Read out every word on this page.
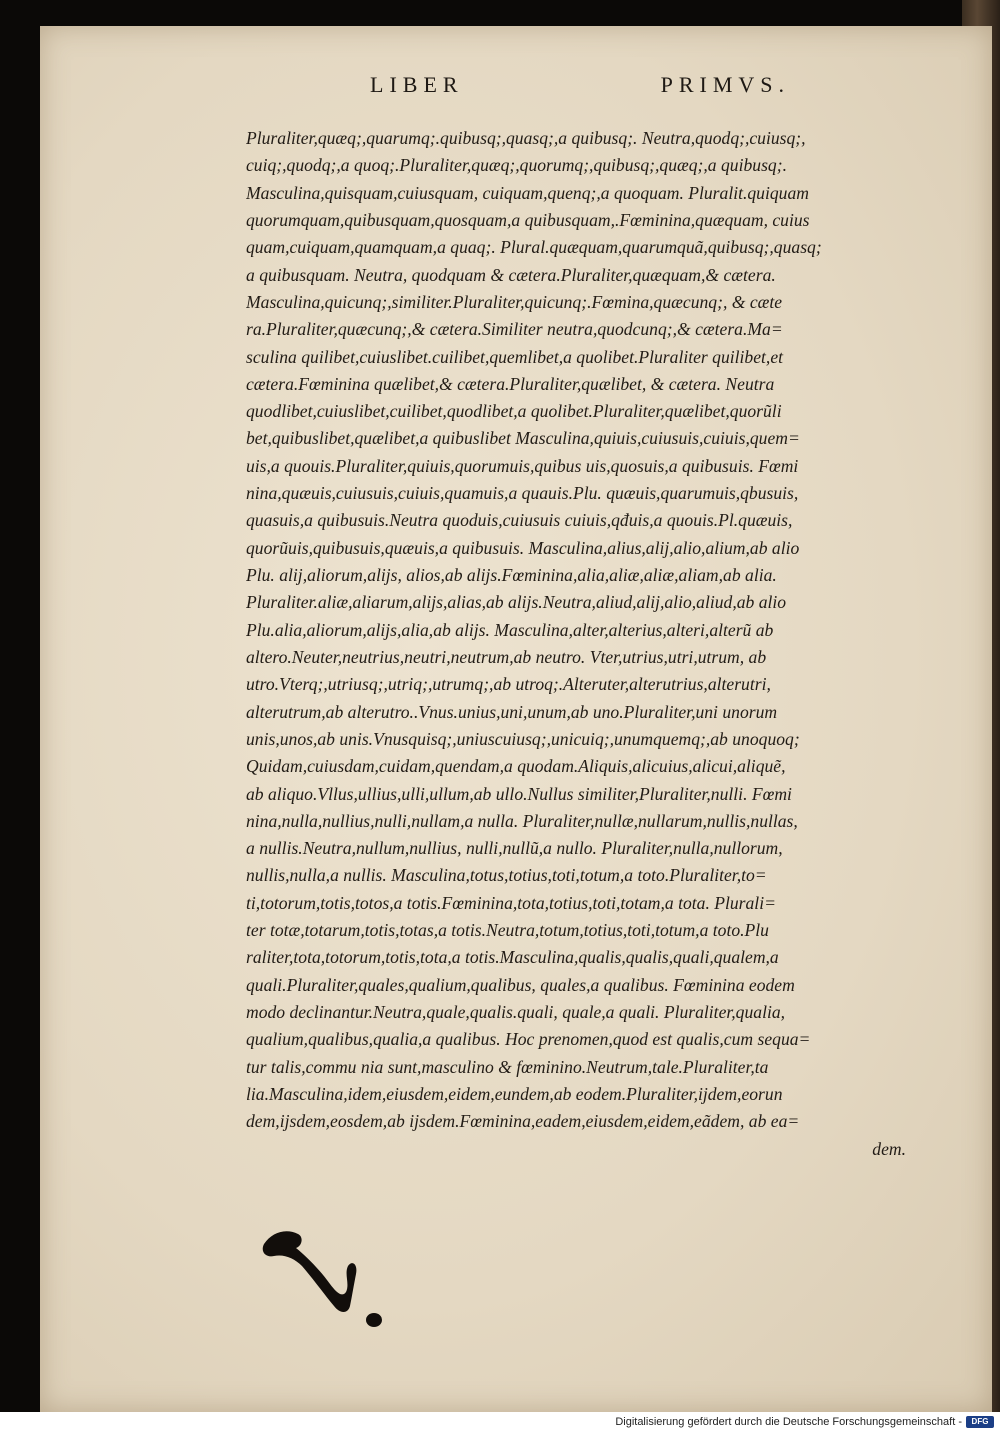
LIBER	PRIMVS.
Pluraliter,quæq;,quarumq;.quibusq;,quasq;,a quibusq;. Neutra,quodq;,cuiusq;,
cuiq;,quodq;,a quoq;.Pluraliter,quæq;,quorumq;,quibusq;,quæq;,a quibusq;.
Masculina,quisquam,cuiusquam, cuiquam,quenq;,a quoquam. Pluralit.quiquam
quorumquam,quibusquam,quosquam,a quibusquam,.Fœminina,quæquam, cuius
quam,cuiquam,quamquam,a quaq;. Plural.quæquam,quarumquã,quibusq;,quasq;
a quibusquam. Neutra, quodquam & cætera.Pluraliter,quæquam,& cætera.
Masculina,quicunq;,similiter.Pluraliter,quicunq;.Fœmina,quæcunq;, & cæte
ra.Pluraliter,quæcunq;,& cætera.Similiter neutra,quodcunq;,& cætera.Ma=
sculina quilibet,cuiuslibet.cuilibet,quemlibet,a quolibet.Pluraliter quilibet,et
cætera.Fœminina quælibet,& cætera.Pluraliter,quælibet, & cætera. Neutra
quodlibet,cuiuslibet,cuilibet,quodlibet,a quolibet.Pluraliter,quælibet,quorũli
bet,quibuslibet,quælibet,a quibuslibet Masculina,quiuis,cuiusuis,cuiuis,quem=
uis,a quouis.Pluraliter,quiuis,quorumuis,quibus uis,quosuis,a quibusuis. Fœmi
nina,quæuis,cuiusuis,cuiuis,quamuis,a quauis.Plu. quæuis,quarumuis,qbusuis,
quasuis,a quibusuis.Neutra quoduis,cuiusuis cuiuis,qđuis,a quouis.Pl.quæuis,
quorũuis,quibusuis,quæuis,a quibusuis. Masculina,alius,alij,alio,alium,ab alio
Plu. alij,aliorum,alijs, alios,ab alijs.Fœminina,alia,aliæ,aliæ,aliam,ab alia.
Pluraliter.aliæ,aliarum,alijs,alias,ab alijs.Neutra,aliud,alij,alio,aliud,ab alio
Plu.alia,aliorum,alijs,alia,ab alijs. Masculina,alter,alterius,alteri,alterũ ab
altero.Neuter,neutrius,neutri,neutrum,ab neutro. Vter,utrius,utri,utrum, ab
utro.Vterq;,utriusq;,utriq;,utrumq;,ab utroq;.Alteruter,alterutrius,alterutri,
alterutrum,ab alterutro..Vnus.unius,uni,unum,ab uno.Pluraliter,uni unorum
unis,unos,ab unis.Vnusquisq;,uniuscuiusq;,unicuiq;,unumquemq;,ab unoquoq;
Quidam,cuiusdam,cuidam,quendam,a quodam.Aliquis,alicuius,alicui,aliquẽ,
ab aliquo.Vllus,ullius,ulli,ullum,ab ullo.Nullus similiter,Pluraliter,nulli. Fœmi
nina,nulla,nullius,nulli,nullam,a nulla. Pluraliter,nullæ,nullarum,nullis,nullas,
a nullis.Neutra,nullum,nullius, nulli,nullũ,a nullo. Pluraliter,nulla,nullorum,
nullis,nulla,a nullis. Masculina,totus,totius,toti,totum,a toto.Pluraliter,to=
ti,totorum,totis,totos,a totis.Fœminina,tota,totius,toti,totam,a tota. Plurali=
ter totæ,totarum,totis,totas,a totis.Neutra,totum,totius,toti,totum,a toto.Plu
raliter,tota,totorum,totis,tota,a totis.Masculina,qualis,qualis,quali,qualem,a
quali.Pluraliter,quales,qualium,qualibus, quales,a qualibus. Fœminina eodem
modo declinantur.Neutra,quale,qualis.quali, quale,a quali. Pluraliter,qualia,
qualium,qualibus,qualia,a qualibus. Hoc prenomen,quod est qualis,cum sequa=
tur talis,commu nia sunt,masculino & fœminino.Neutrum,tale.Pluraliter,ta
lia.Masculina,idem,eiusdem,eidem,eundem,ab eodem.Pluraliter,ijdem,eorun
dem,ijsdem,eosdem,ab ijsdem.Fœminina,eadem,eiusdem,eidem,eãdem, ab ea=
dem.
Digitalisierung gefördert durch die Deutsche Forschungsgemeinschaft -	DFG
